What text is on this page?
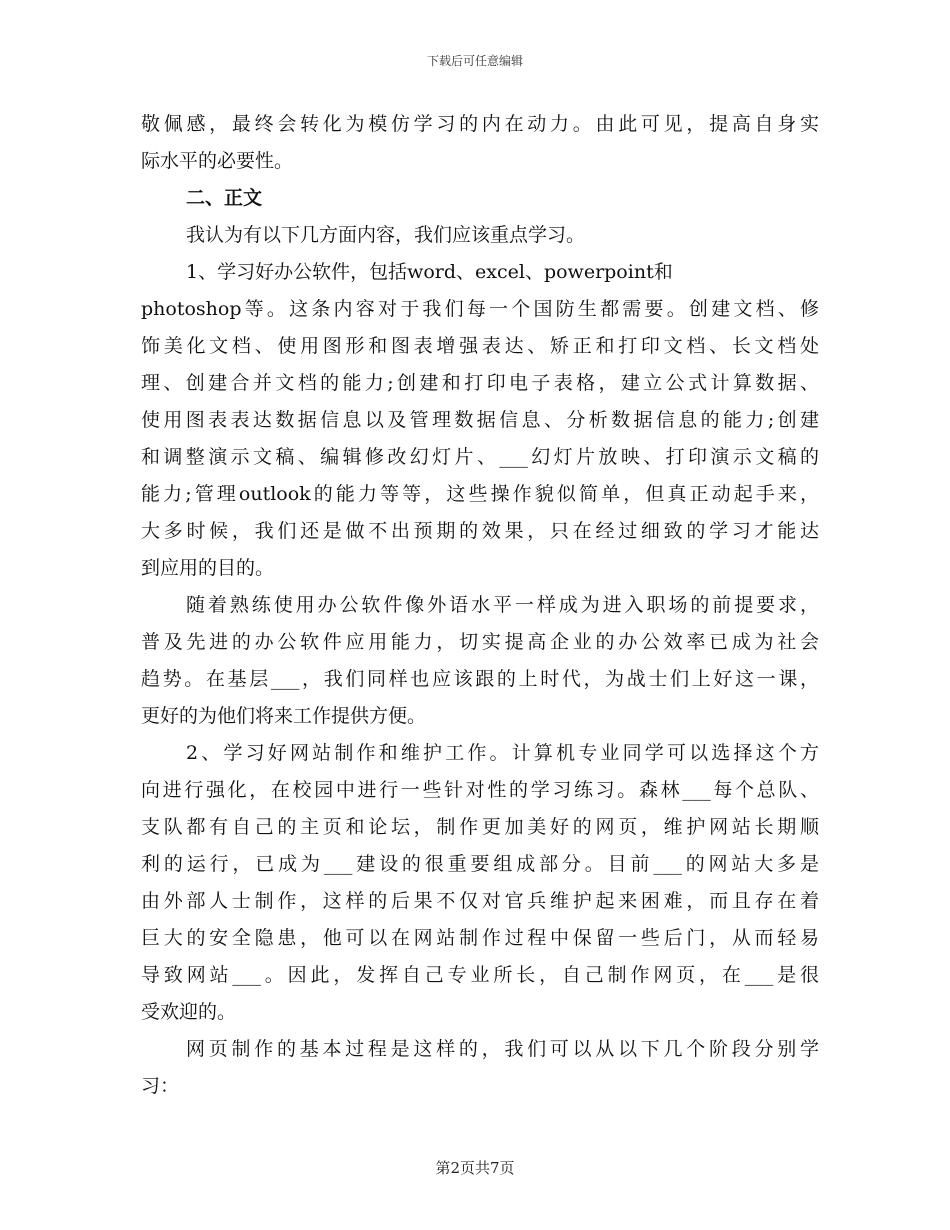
下载后可任意编辑

敬佩感，最终会转化为模仿学习的内在动力。由此可见，提高自身实
际水平的必要性。

二、正文

我认为有以下几方面内容，我们应该重点学习。

1、学习好办公软件，包括word、excel、powerpoint和
photoshop等。这条内容对于我们每一个国防生都需要。创建文档、修
饰美化文档、使用图形和图表增强表达、矫正和打印文档、长文档处
理、创建合并文档的能力;创建和打印电子表格，建立公式计算数据、
使用图表表达数据信息以及管理数据信息、分析数据信息的能力;创建
和调整演示文稿、编辑修改幻灯片、___幻灯片放映、打印演示文稿的
能力;管理outlook的能力等等，这些操作貌似简单，但真正动起手来，
大多时候，我们还是做不出预期的效果，只在经过细致的学习才能达
到应用的目的。

随着熟练使用办公软件像外语水平一样成为进入职场的前提要求，
普及先进的办公软件应用能力，切实提高企业的办公效率已成为社会
趋势。在基层___，我们同样也应该跟的上时代，为战士们上好这一课，
更好的为他们将来工作提供方便。

2、学习好网站制作和维护工作。计算机专业同学可以选择这个方
向进行强化，在校园中进行一些针对性的学习练习。森林___每个总队、
支队都有自己的主页和论坛，制作更加美好的网页，维护网站长期顺
利的运行，已成为___建设的很重要组成部分。目前___的网站大多是
由外部人士制作，这样的后果不仅对官兵维护起来困难，而且存在着
巨大的安全隐患，他可以在网站制作过程中保留一些后门，从而轻易
导致网站___。因此，发挥自己专业所长，自己制作网页，在___是很
受欢迎的。

网页制作的基本过程是这样的，我们可以从以下几个阶段分别学
习：

第2页共7页
